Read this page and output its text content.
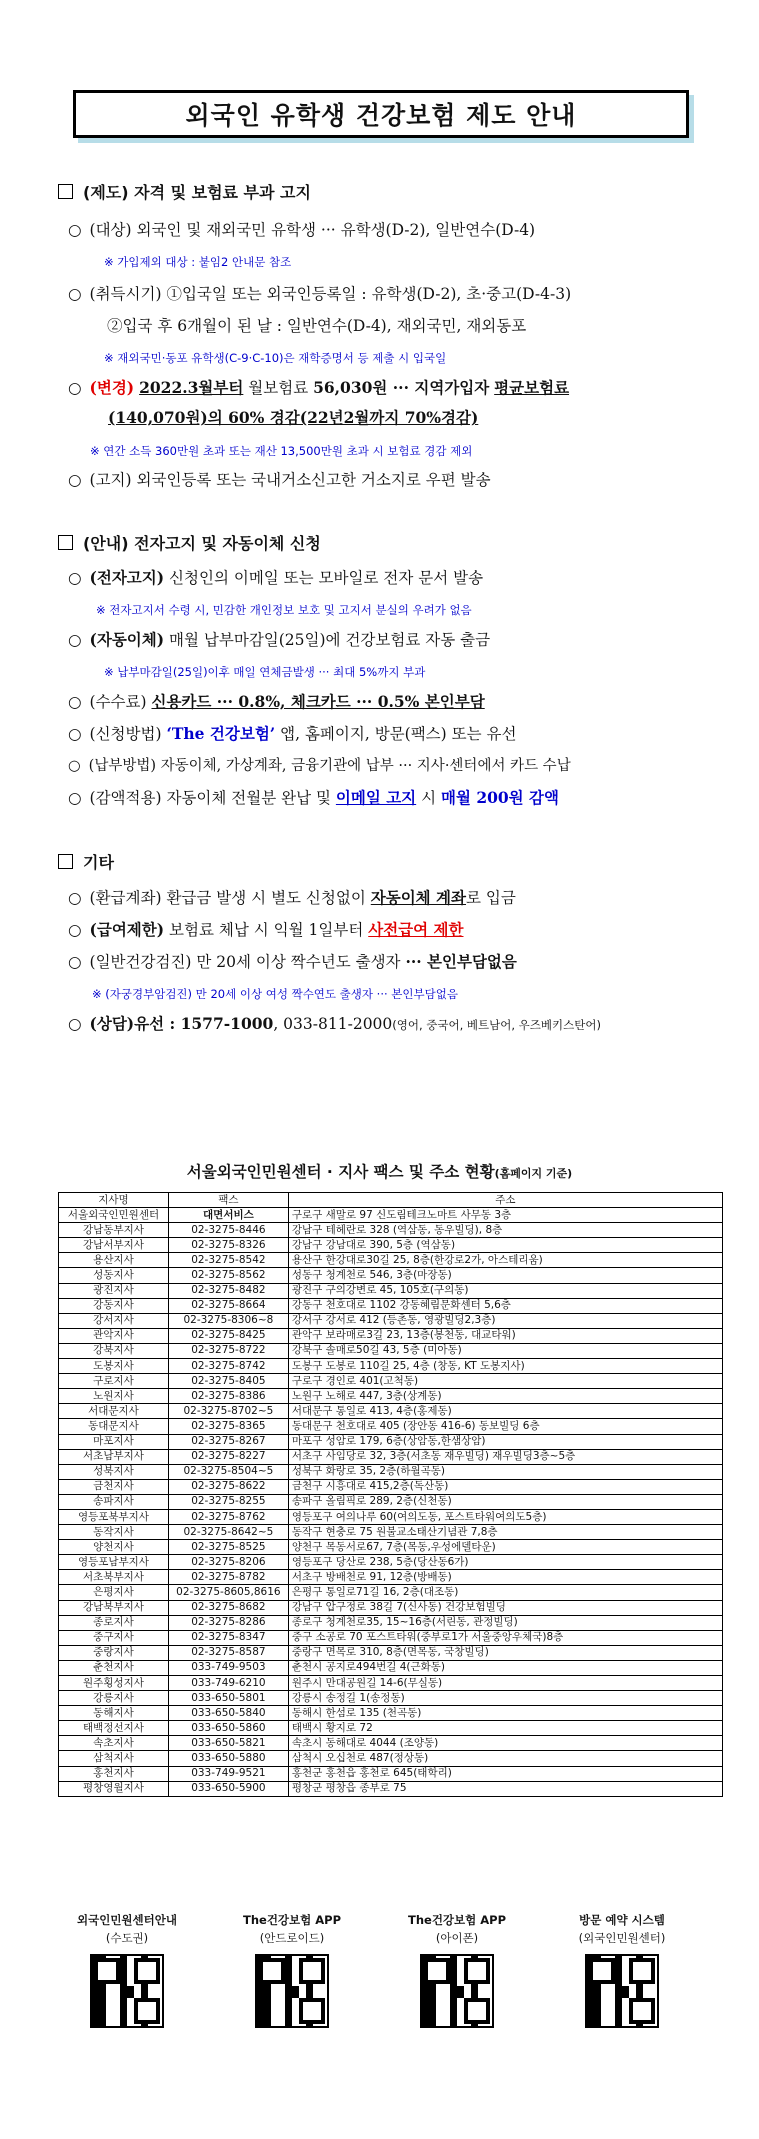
외국인 유학생 건강보험 제도 안내
(제도) 자격 및 보험료 부과 고지
○ (대상) 외국인 및 재외국민 유학생 ··· 유학생(D-2), 일반연수(D-4)
※ 가입제외 대상 : 붙임2 안내문 참조
○ (취득시기) ①입국일 또는 외국인등록일 : 유학생(D-2), 초·중고(D-4-3)
②입국 후 6개월이 된 날 : 일반연수(D-4), 재외국민, 재외동포
※ 재외국민·동포 유학생(C-9·C-10)은 재학증명서 등 제출 시 입국일
○ (변경) 2022.3월부터 월보험료 56,030원 ··· 지역가입자 평균보험료
(140,070원)의 60% 경감(22년2월까지 70%경감)
※ 연간 소득 360만원 초과 또는 재산 13,500만원 초과 시 보험료 경감 제외
○ (고지) 외국인등록 또는 국내거소신고한 거소지로 우편 발송
(안내) 전자고지 및 자동이체 신청
○ (전자고지) 신청인의 이메일 또는 모바일로 전자 문서 발송
※ 전자고지서 수령 시, 민감한 개인정보 보호 및 고지서 분실의 우려가 없음
○ (자동이체) 매월 납부마감일(25일)에 건강보험료 자동 출금
※ 납부마감일(25일)이후 매일 연체금발생 ··· 최대 5%까지 부과
○ (수수료) 신용카드 ··· 0.8%, 체크카드 ··· 0.5% 본인부담
○ (신청방법) ‘The 건강보험’ 앱, 홈페이지, 방문(팩스) 또는 유선
○ (납부방법) 자동이체, 가상계좌, 금융기관에 납부 ··· 지사·센터에서 카드 수납
○ (감액적용) 자동이체 전월분 완납 및 이메일 고지 시 매월 200원 감액
기타
○ (환급계좌) 환급금 발생 시 별도 신청없이 자동이체 계좌로 입금
○ (급여제한) 보험료 체납 시 익월 1일부터 사전급여 제한
○ (일반건강검진) 만 20세 이상 짝수년도 출생자 ··· 본인부담없음
※ (자궁경부암검진) 만 20세 이상 여성 짝수연도 출생자 ··· 본인부담없음
○ (상담)유선 : 1577-1000, 033-811-2000(영어, 중국어, 베트남어, 우즈베키스탄어)
서울외국인민원센터 · 지사 팩스 및 주소 현황(홈페이지 기준)
지사명	팩스	주소
서울외국인민원센터	대면서비스	구로구 새말로 97 신도림테크노마트 사무동 3층
강남동부지사	02-3275-8446	강남구 테헤란로 328 (역삼동, 동우빌딩), 8층
강남서부지사	02-3275-8326	강남구 강남대로 390, 5층 (역삼동)
용산지사	02-3275-8542	용산구 한강대로30길 25, 8층(한강로2가, 아스테리움)
성동지사	02-3275-8562	성동구 청계천로 546, 3층(마장동)
광진지사	02-3275-8482	광진구 구의강변로 45, 105호(구의동)
강동지사	02-3275-8664	강동구 천호대로 1102 강동혜림문화센터 5,6층
강서지사	02-3275-8306~8	강서구 강서로 412 (등촌동, 영광빌딩2,3층)
관악지사	02-3275-8425	관악구 보라매로3길 23, 13층(봉천동, 대교타워)
강북지사	02-3275-8722	강북구 솔매로50길 43, 5층 (미아동)
도봉지사	02-3275-8742	도봉구 도봉로 110길 25, 4층 (창동, KT 도봉지사)
구로지사	02-3275-8405	구로구 경인로 401(고척동)
노원지사	02-3275-8386	노원구 노해로 447, 3층(상계동)
서대문지사	02-3275-8702~5	서대문구 통일로 413, 4층(홍제동)
동대문지사	02-3275-8365	동대문구 천호대로 405 (장안동 416-6) 동보빌딩 6층
마포지사	02-3275-8267	마포구 성암로 179, 6층(상암동,한샘상암)
서초남부지사	02-3275-8227	서초구 사임당로 32, 3층(서초동 재우빌딩) 재우빌딩3층~5층
성북지사	02-3275-8504~5	성북구 화랑로 35, 2층(하월곡동)
금천지사	02-3275-8622	금천구 시흥대로 415,2층(독산동)
송파지사	02-3275-8255	송파구 올림픽로 289, 2층(신천동)
영등포북부지사	02-3275-8762	영등포구 여의나루 60(여의도동, 포스트타워여의도5층)
동작지사	02-3275-8642~5	동작구 현충로 75 원불교소태산기념관 7,8층
양천지사	02-3275-8525	양천구 목동서로67, 7층(목동,우성에델타운)
영등포남부지사	02-3275-8206	영등포구 당산로 238, 5층(당산동6가)
서초북부지사	02-3275-8782	서초구 방배천로 91, 12층(방배동)
은평지사	02-3275-8605,8616	은평구 통일로71길 16, 2층(대조동)
강남북부지사	02-3275-8682	강남구 압구정로 38길 7(신사동) 건강보험빌딩
종로지사	02-3275-8286	종로구 청계천로35, 15~16층(서린동, 관정빌딩)
중구지사	02-3275-8347	중구 소공로 70 포스트타워(중부로1가 서울중앙우체국)8층
중랑지사	02-3275-8587	중랑구 면목로 310, 8층(면목동, 국창빌딩)
춘천지사	033-749-9503	춘천시 공지로494번길 4(근화동)
원주횡성지사	033-749-6210	원주시 만대공원길 14-6(무실동)
강릉지사	033-650-5801	강릉시 송정길 1(송정동)
동해지사	033-650-5840	동해시 한섬로 135 (천곡동)
태백정선지사	033-650-5860	태백시 황지로 72
속초지사	033-650-5821	속초시 동해대로 4044 (조양동)
삼척지사	033-650-5880	삼척시 오십천로 487(정상동)
홍천지사	033-749-9521	홍천군 홍천읍 홍천로 645(태학리)
평창영월지사	033-650-5900	평창군 평창읍 종부로 75
외국인민원센터안내
(수도권)
The건강보험 APP
(안드로이드)
The건강보험 APP
(아이폰)
방문 예약 시스템
(외국인민원센터)
